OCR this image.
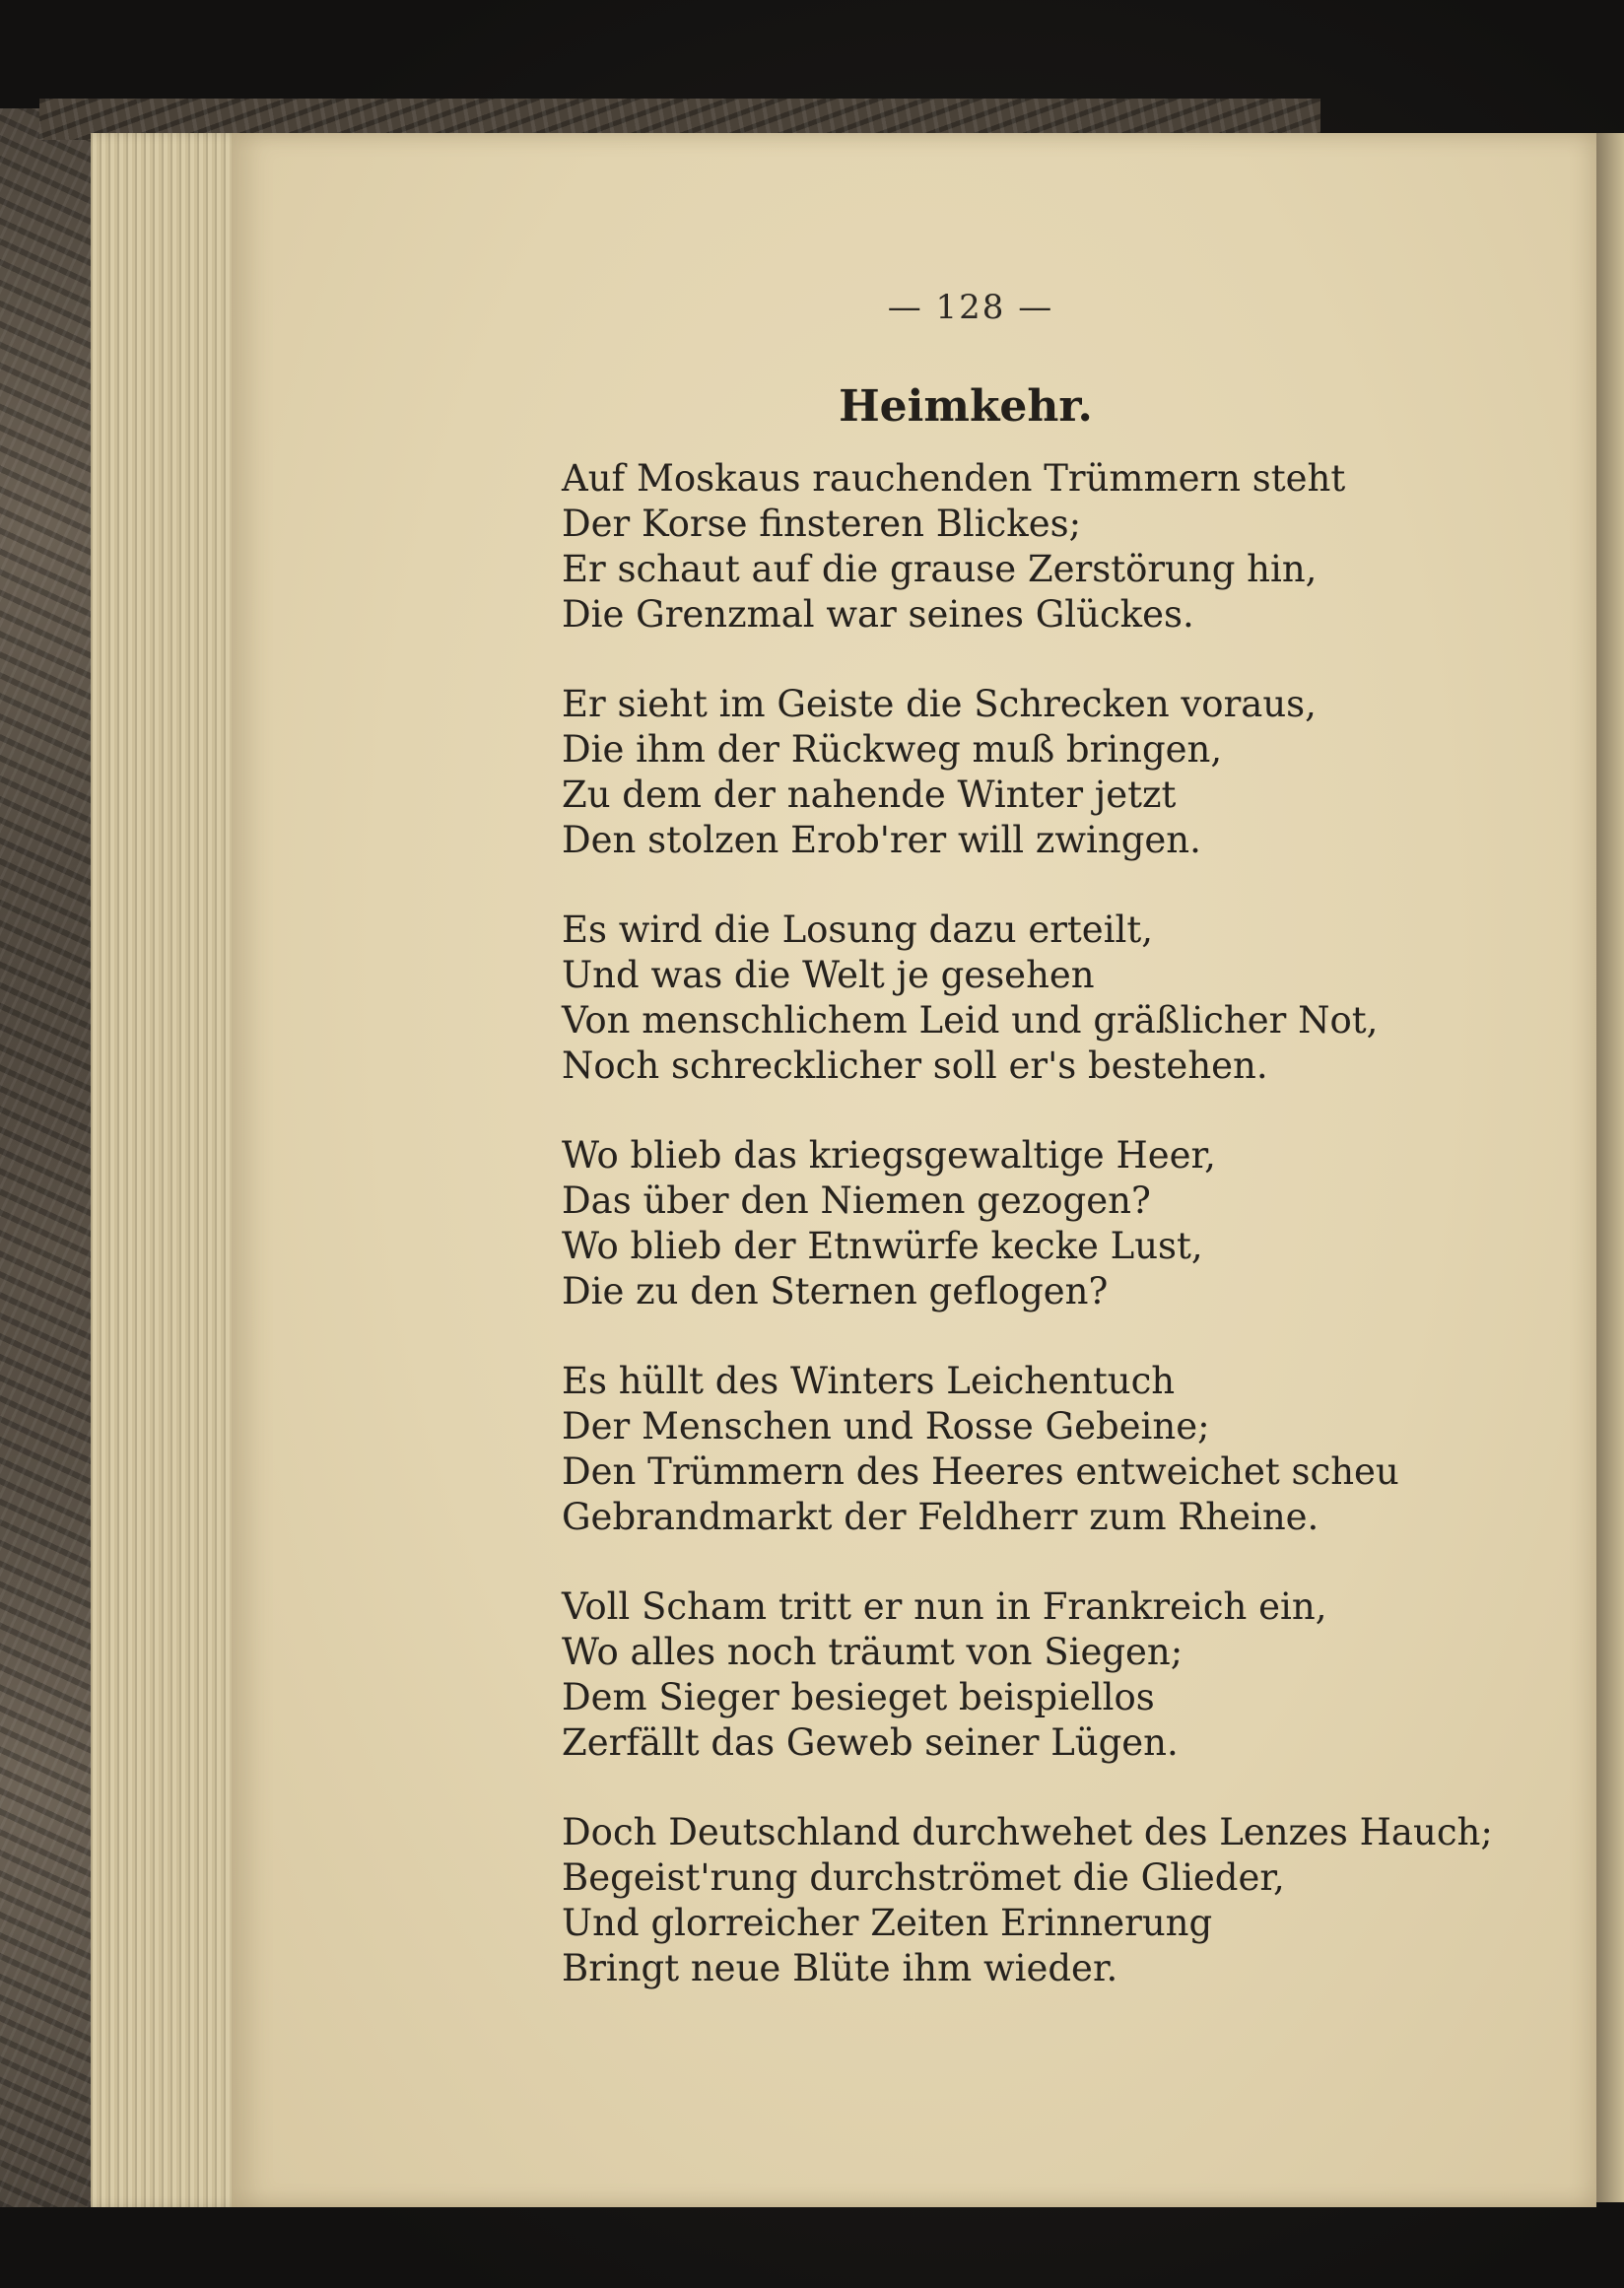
— 128 —
Heimkehr.
Auf Moskaus rauchenden Trümmern steht
Der Korse finsteren Blickes;
Er schaut auf die grause Zerstörung hin,
Die Grenzmal war seines Glückes.
Er sieht im Geiste die Schrecken voraus,
Die ihm der Rückweg muß bringen,
Zu dem der nahende Winter jetzt
Den stolzen Erob'rer will zwingen.
Es wird die Losung dazu erteilt,
Und was die Welt je gesehen
Von menschlichem Leid und gräßlicher Not,
Noch schrecklicher soll er's bestehen.
Wo blieb das kriegsgewaltige Heer,
Das über den Niemen gezogen?
Wo blieb der Etnwürfe kecke Lust,
Die zu den Sternen geflogen?
Es hüllt des Winters Leichentuch
Der Menschen und Rosse Gebeine;
Den Trümmern des Heeres entweichet scheu
Gebrandmarkt der Feldherr zum Rheine.
Voll Scham tritt er nun in Frankreich ein,
Wo alles noch träumt von Siegen;
Dem Sieger besieget beispiellos
Zerfällt das Geweb seiner Lügen.
Doch Deutschland durchwehet des Lenzes Hauch;
Begeist'rung durchströmet die Glieder,
Und glorreicher Zeiten Erinnerung
Bringt neue Blüte ihm wieder.
